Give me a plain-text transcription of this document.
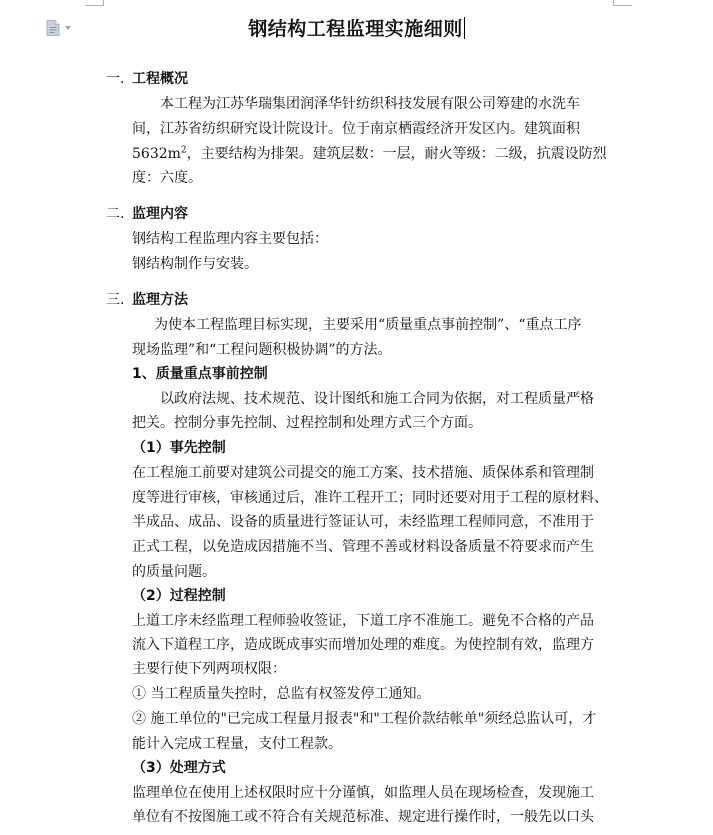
钢结构工程监理实施细则
一. 工程概况
本工程为江苏华瑞集团润泽华针纺织科技发展有限公司筹建的水洗车
间，江苏省纺织研究设计院设计。位于南京栖霞经济开发区内。建筑面积
$5632m^2$，主要结构为排架。建筑层数：一层，耐火等级：二级，抗震设防烈
度：六度。
二. 监理内容
钢结构工程监理内容主要包括：
钢结构制作与安装。
三. 监理方法
为使本工程监理目标实现，主要采用“质量重点事前控制”、“重点工序
现场监理”和“工程问题积极协调”的方法。
1、质量重点事前控制
以政府法规、技术规范、设计图纸和施工合同为依据，对工程质量严格
把关。控制分事先控制、过程控制和处理方式三个方面。
（1）事先控制
在工程施工前要对建筑公司提交的施工方案、技术措施、质保体系和管理制
度等进行审核，审核通过后，准许工程开工；同时还要对用于工程的原材料、
半成品、成品、设备的质量进行签证认可，未经监理工程师同意，不准用于
正式工程，以免造成因措施不当、管理不善或材料设备质量不符要求而产生
的质量问题。
（2）过程控制
上道工序未经监理工程师验收签证，下道工序不准施工。避免不合格的产品
流入下道程工序，造成既成事实而增加处理的难度。为使控制有效，监理方
主要行使下列两项权限：
① 当工程质量失控时，总监有权签发停工通知。
② 施工单位的"已完成工程量月报表"和"工程价款结帐单"须经总监认可，才
能计入完成工程量，支付工程款。
（3）处理方式
监理单位在使用上述权限时应十分谨慎，如监理人员在现场检查，发现施工
单位有不按图施工或不符合有关规范标准、规定进行操作时，一般先以口头
